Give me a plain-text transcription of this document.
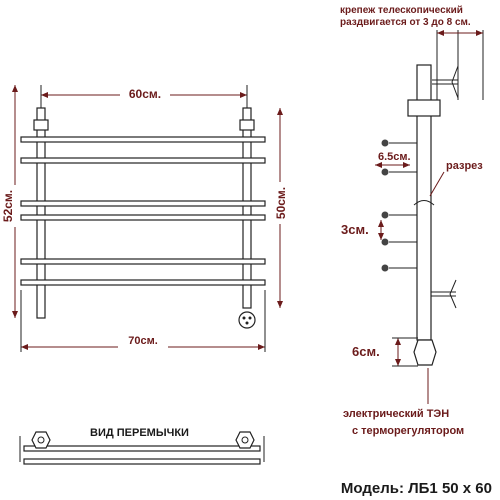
60см.
52см.	50см.
70см.
крепеж телескопический
раздвигается от 3 до 8 см.
6.5см.
разрез
3см.
6см.
электрический ТЭН
с терморегулятором
ВИД ПЕРЕМЫЧКИ
Модель: ЛБ1 50 х 60
